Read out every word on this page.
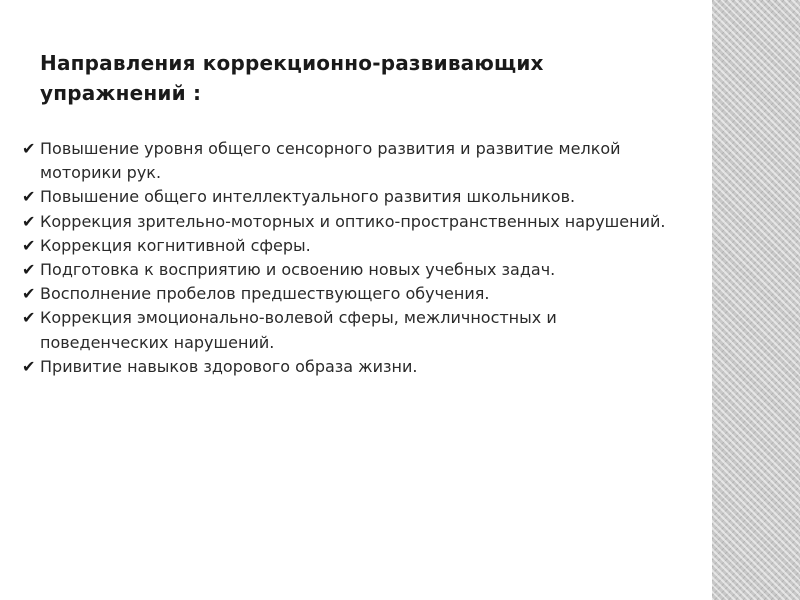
Направления коррекционно-развивающих упражнений :
✔ Повышение уровня общего сенсорного развития и развитие мелкой моторики рук.
✔ Повышение общего интеллектуального развития школьников.
✔ Коррекция зрительно-моторных и оптико-пространственных нарушений.
✔ Коррекция когнитивной сферы.
✔ Подготовка к восприятию и освоению новых учебных задач.
✔ Восполнение пробелов предшествующего обучения.
✔ Коррекция эмоционально-волевой сферы, межличностных и поведенческих нарушений.
✔ Привитие навыков здорового образа жизни.
